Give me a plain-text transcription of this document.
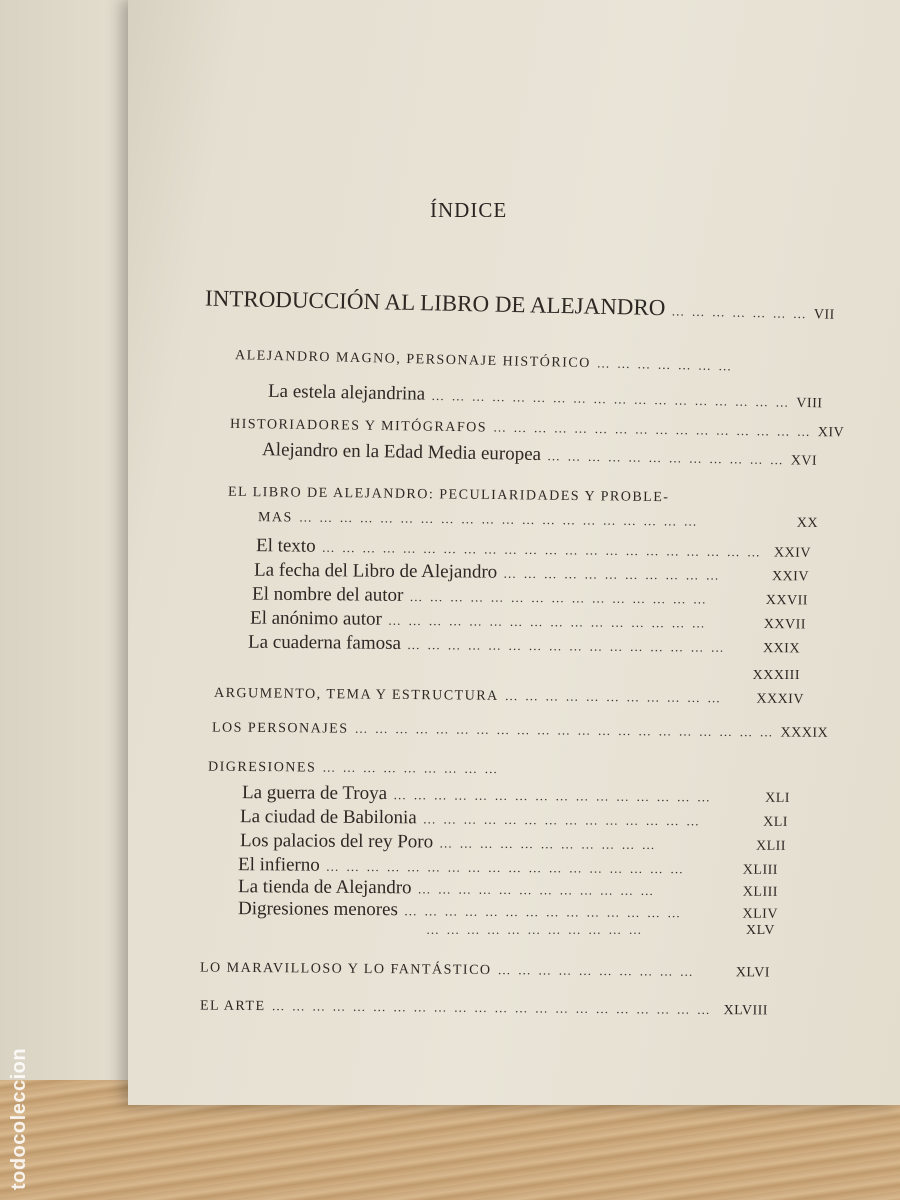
ÍNDICE
INTRODUCCIÓN AL LIBRO DE ALEJANDRO … … … … … … … VII
ALEJANDRO MAGNO, PERSONAJE HISTÓRICO … … … … … … …
La estela alejandrina … … … … … … … … … … … … … … … … … … VIII
HISTORIADORES Y MITÓGRAFOS … … … … … … … … … … … … … … … … XIV
Alejandro en la Edad Media europea … … … … … … … … … … … … XVI
EL LIBRO DE ALEJANDRO: PECULIARIDADES Y PROBLE-
MAS … … … … … … … … … … … … … … … … … … … …	XX
El texto … … … … … … … … … … … … … … … … … … … … … … XXIV
La fecha del Libro de Alejandro … … … … … … … … … … …	XXIV
El nombre del autor … … … … … … … … … … … … … … …	XXVII
El anónimo autor … … … … … … … … … … … … … … … …	XXVII
La cuaderna famosa … … … … … … … … … … … … … … … …	XXIX
XXXIII
ARGUMENTO, TEMA Y ESTRUCTURA … … … … … … … … … … …	XXXIV
LOS PERSONAJES … … … … … … … … … … … … … … … … … … … … … XXXIX
DIGRESIONES … … … … … … … … …
La guerra de Troya … … … … … … … … … … … … … … … …	XLI
La ciudad de Babilonia … … … … … … … … … … … … … …	XLI
Los palacios del rey Poro … … … … … … … … … … …	XLII
El infierno … … … … … … … … … … … … … … … … … …	XLIII
La tienda de Alejandro … … … … … … … … … … … …	XLIII
Digresiones menores … … … … … … … … … … … … … …	XLIV
… … … … … … … … … … …	XLV
LO MARAVILLOSO Y LO FANTÁSTICO … … … … … … … … … …	XLVI
EL ARTE … … … … … … … … … … … … … … … … … … … … … … XLVIII
todocoleccion
